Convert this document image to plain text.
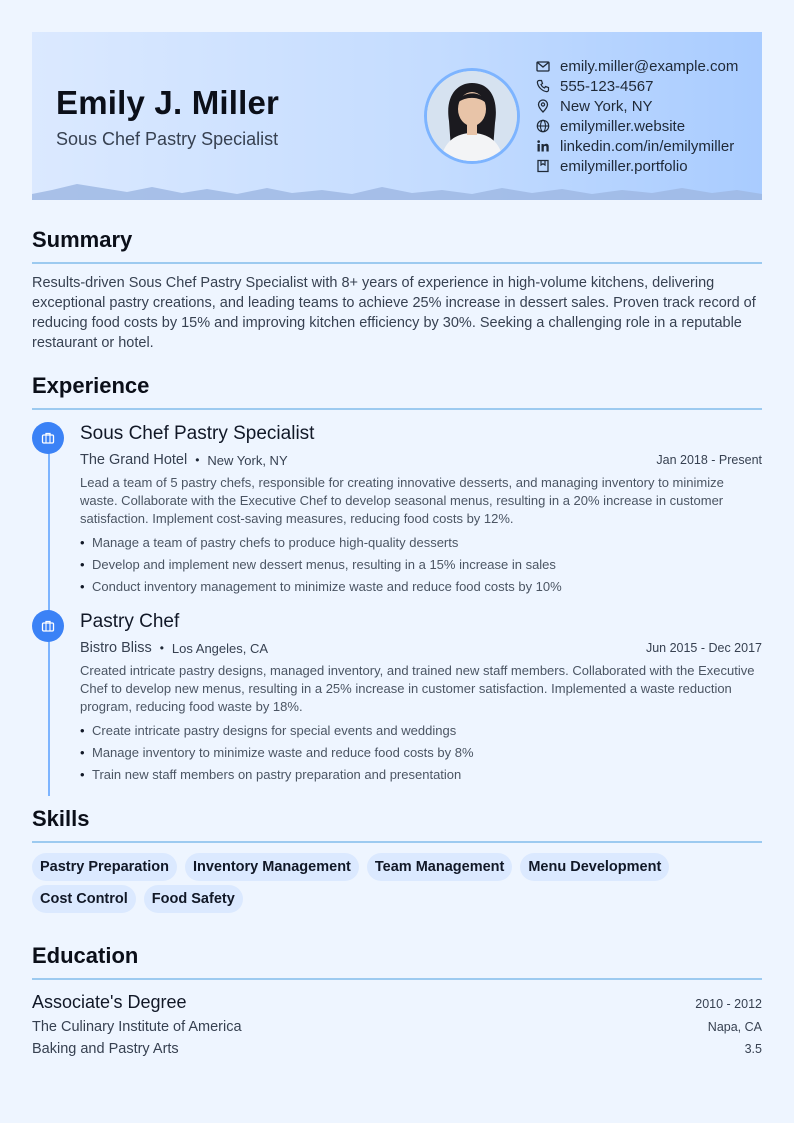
Emily J. Miller
Sous Chef Pastry Specialist
emily.miller@example.com
555-123-4567
New York, NY
emilymiller.website
linkedin.com/in/emilymiller
emilymiller.portfolio
Summary
Results-driven Sous Chef Pastry Specialist with 8+ years of experience in high-volume kitchens, delivering exceptional pastry creations, and leading teams to achieve 25% increase in dessert sales. Proven track record of reducing food costs by 15% and improving kitchen efficiency by 30%. Seeking a challenging role in a reputable restaurant or hotel.
Experience
Sous Chef Pastry Specialist
The Grand Hotel • New York, NY	Jan 2018 - Present
Lead a team of 5 pastry chefs, responsible for creating innovative desserts, and managing inventory to minimize waste. Collaborate with the Executive Chef to develop seasonal menus, resulting in a 20% increase in customer satisfaction. Implement cost-saving measures, reducing food costs by 12%.
• Manage a team of pastry chefs to produce high-quality desserts
• Develop and implement new dessert menus, resulting in a 15% increase in sales
• Conduct inventory management to minimize waste and reduce food costs by 10%
Pastry Chef
Bistro Bliss • Los Angeles, CA	Jun 2015 - Dec 2017
Created intricate pastry designs, managed inventory, and trained new staff members. Collaborated with the Executive Chef to develop new menus, resulting in a 25% increase in customer satisfaction. Implemented a waste reduction program, reducing food waste by 18%.
• Create intricate pastry designs for special events and weddings
• Manage inventory to minimize waste and reduce food costs by 8%
• Train new staff members on pastry preparation and presentation
Skills
Pastry Preparation	Inventory Management	Team Management	Menu Development
Cost Control	Food Safety
Education
Associate's Degree	2010 - 2012
The Culinary Institute of America	Napa, CA
Baking and Pastry Arts	3.5
